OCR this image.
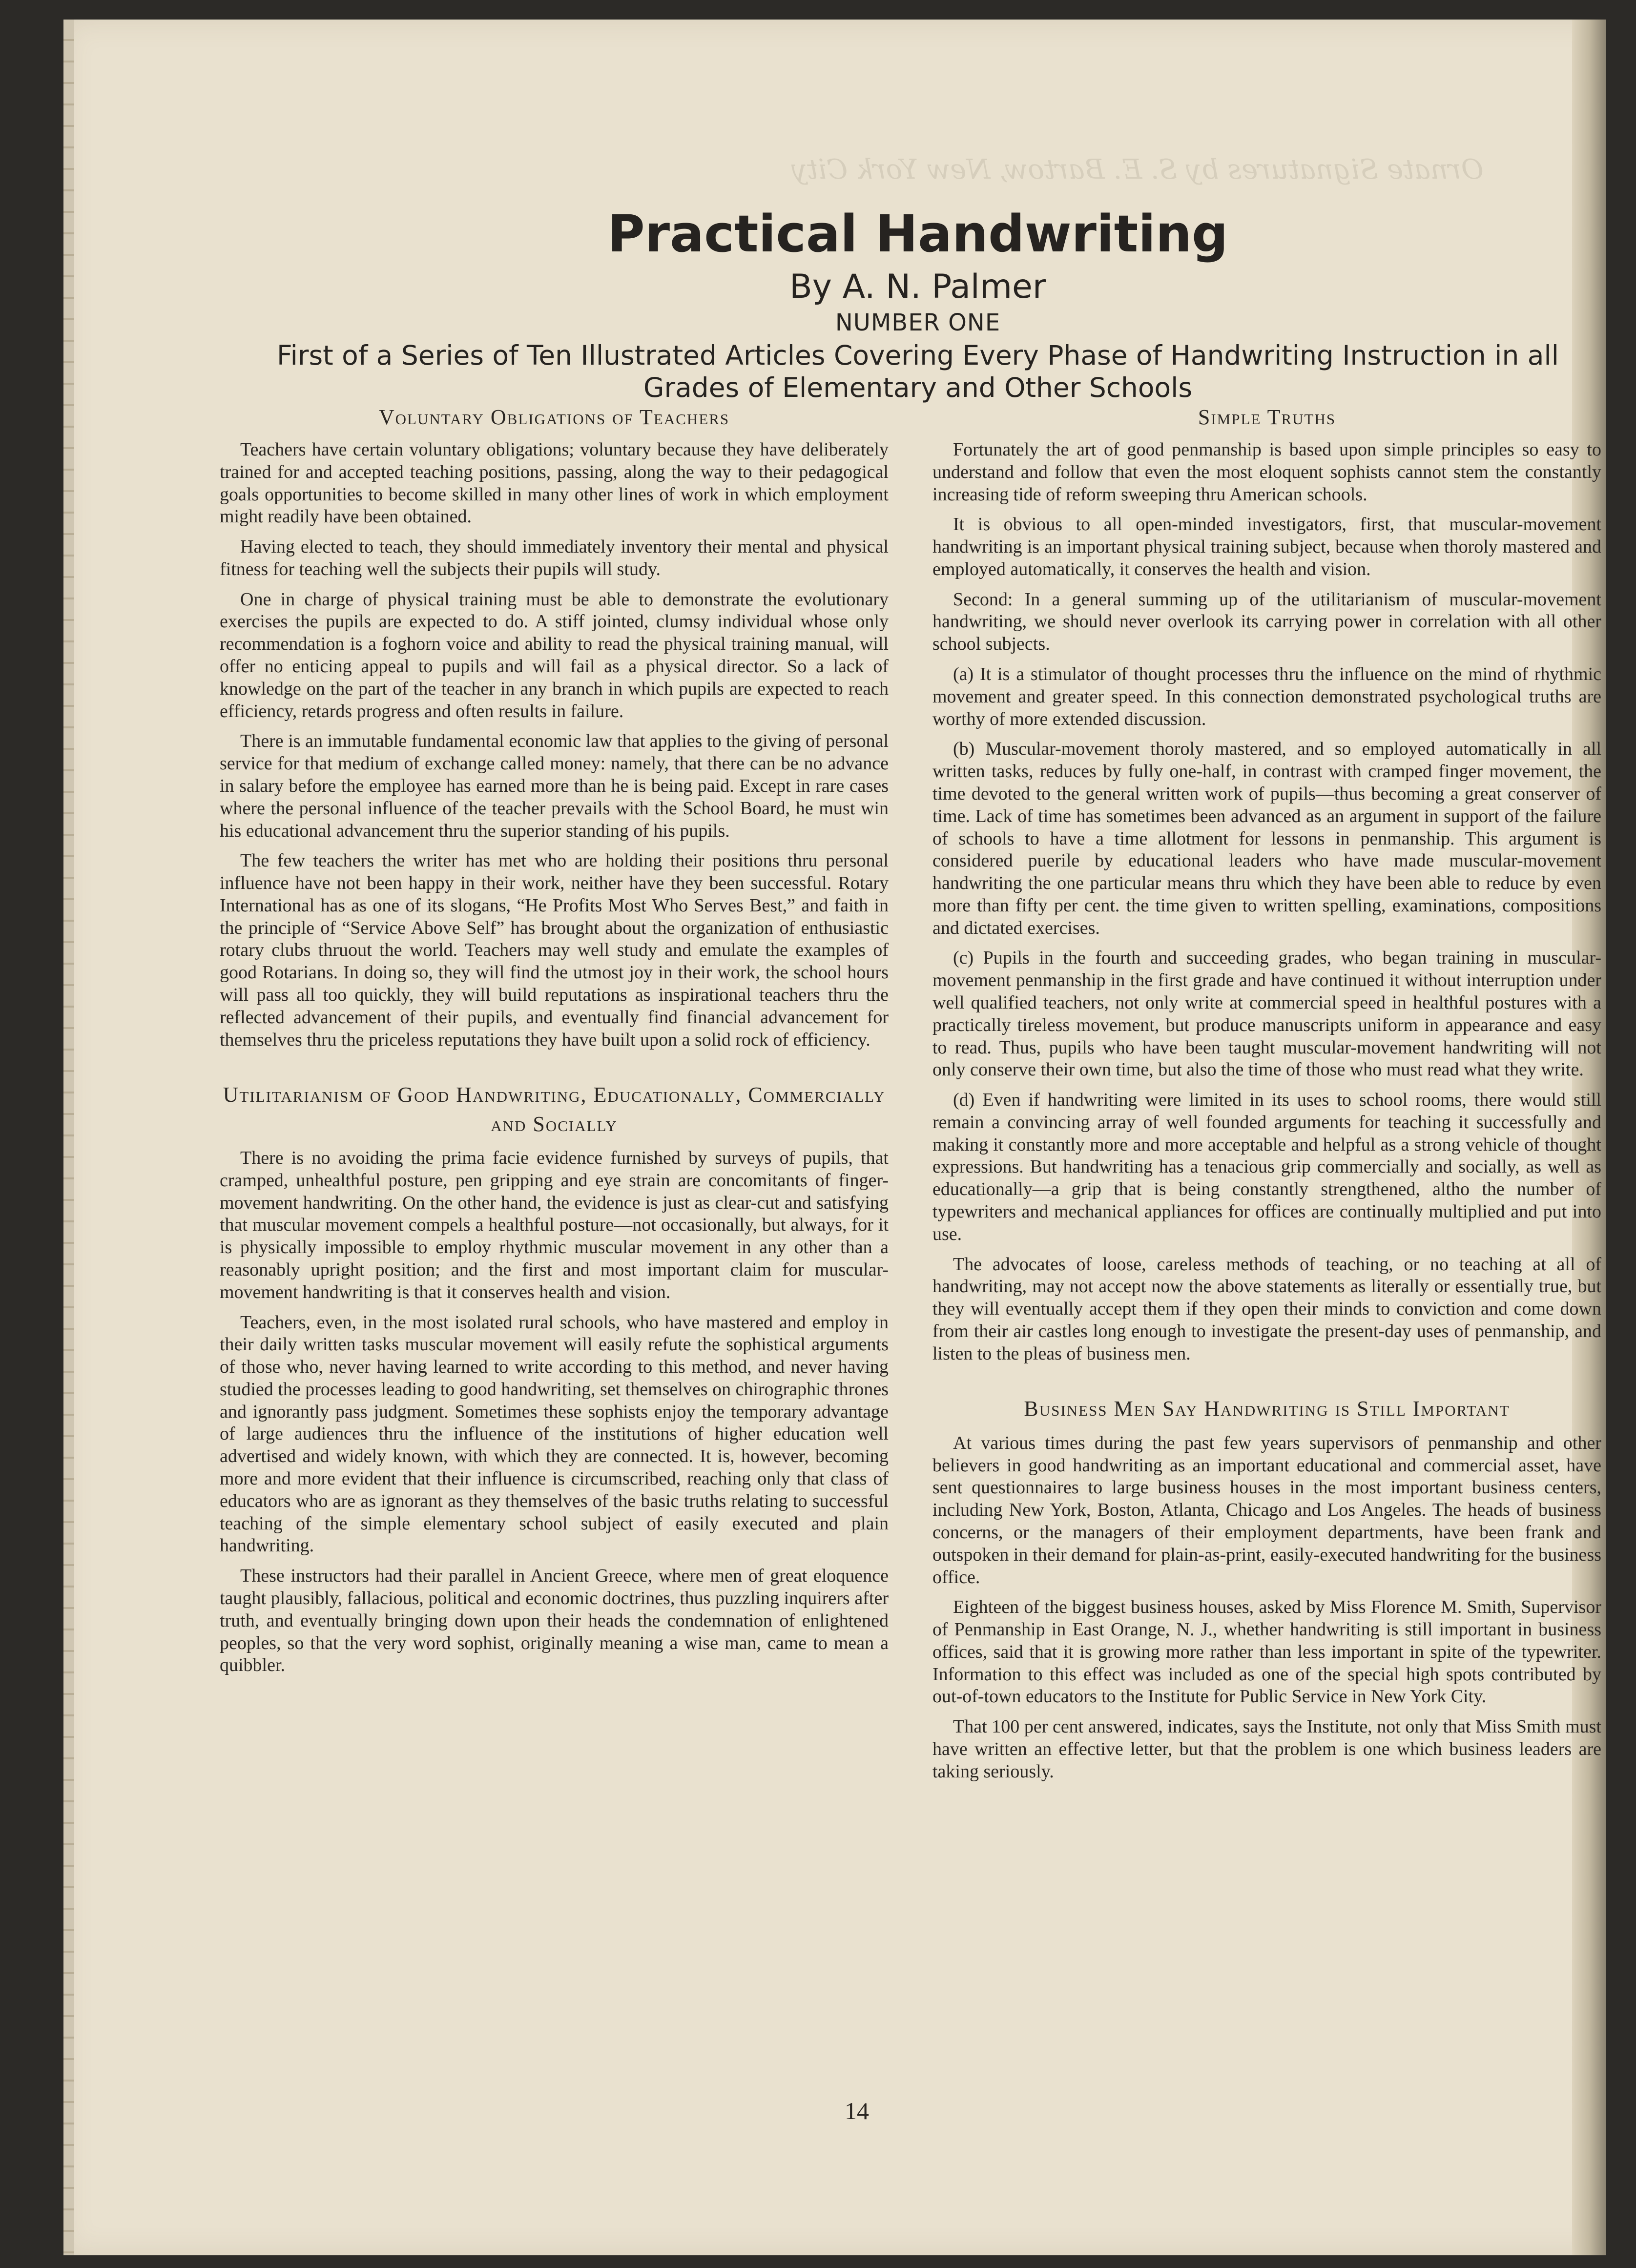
Ornate Signatures by S. E. Bartow, New York City
Practical Handwriting
By A. N. Palmer
NUMBER ONE
First of a Series of Ten Illustrated Articles Covering Every Phase of Handwriting Instruction in all Grades of Elementary and Other Schools
Voluntary Obligations of Teachers

Teachers have certain voluntary obligations; voluntary because they have deliberately trained for and accepted teaching positions, passing, along the way to their pedagogical goals opportunities to become skilled in many other lines of work in which employment might readily have been obtained.

Having elected to teach, they should immediately inventory their mental and physical fitness for teaching well the subjects their pupils will study.

One in charge of physical training must be able to demonstrate the evolutionary exercises the pupils are expected to do. A stiff jointed, clumsy individual whose only recommendation is a foghorn voice and ability to read the physical training manual, will offer no enticing appeal to pupils and will fail as a physical director. So a lack of knowledge on the part of the teacher in any branch in which pupils are expected to reach efficiency, retards progress and often results in failure.

There is an immutable fundamental economic law that applies to the giving of personal service for that medium of exchange called money: namely, that there can be no advance in salary before the employee has earned more than he is being paid. Except in rare cases where the personal influence of the teacher prevails with the School Board, he must win his educational advancement thru the superior standing of his pupils.

The few teachers the writer has met who are holding their positions thru personal influence have not been happy in their work, neither have they been successful. Rotary International has as one of its slogans, “He Profits Most Who Serves Best,” and faith in the principle of “Service Above Self” has brought about the organization of enthusiastic rotary clubs thruout the world. Teachers may well study and emulate the examples of good Rotarians. In doing so, they will find the utmost joy in their work, the school hours will pass all too quickly, they will build reputations as inspirational teachers thru the reflected advancement of their pupils, and eventually find financial advancement for themselves thru the priceless reputations they have built upon a solid rock of efficiency.

Utilitarianism of Good Handwriting, Educationally, Commercially and Socially

There is no avoiding the prima facie evidence furnished by surveys of pupils, that cramped, unhealthful posture, pen gripping and eye strain are concomitants of finger-movement handwriting. On the other hand, the evidence is just as clear-cut and satisfying that muscular movement compels a healthful posture—not occasionally, but always, for it is physically impossible to employ rhythmic muscular movement in any other than a reasonably upright position; and the first and most important claim for muscular-movement handwriting is that it conserves health and vision.

Teachers, even, in the most isolated rural schools, who have mastered and employ in their daily written tasks muscular movement will easily refute the sophistical arguments of those who, never having learned to write according to this method, and never having studied the processes leading to good handwriting, set themselves on chirographic thrones and ignorantly pass judgment. Sometimes these sophists enjoy the temporary advantage of large audiences thru the influence of the institutions of higher education well advertised and widely known, with which they are connected. It is, however, becoming more and more evident that their influence is circumscribed, reaching only that class of educators who are as ignorant as they themselves of the basic truths relating to successful teaching of the simple elementary school subject of easily executed and plain handwriting.

These instructors had their parallel in Ancient Greece, where men of great eloquence taught plausibly, fallacious, political and economic doctrines, thus puzzling inquirers after truth, and eventually bringing down upon their heads the condemnation of enlightened peoples, so that the very word sophist, originally meaning a wise man, came to mean a quibbler.

Simple Truths

Fortunately the art of good penmanship is based upon simple principles so easy to understand and follow that even the most eloquent sophists cannot stem the constantly increasing tide of reform sweeping thru American schools.

It is obvious to all open-minded investigators, first, that muscular-movement handwriting is an important physical training subject, because when thoroly mastered and employed automatically, it conserves the health and vision.

Second: In a general summing up of the utilitarianism of muscular-movement handwriting, we should never overlook its carrying power in correlation with all other school subjects.

(a) It is a stimulator of thought processes thru the influence on the mind of rhythmic movement and greater speed. In this connection demonstrated psychological truths are worthy of more extended discussion.

(b) Muscular-movement thoroly mastered, and so employed automatically in all written tasks, reduces by fully one-half, in contrast with cramped finger movement, the time devoted to the general written work of pupils—thus becoming a great conserver of time. Lack of time has sometimes been advanced as an argument in support of the failure of schools to have a time allotment for lessons in penmanship. This argument is considered puerile by educational leaders who have made muscular-movement handwriting the one particular means thru which they have been able to reduce by even more than fifty per cent. the time given to written spelling, examinations, compositions and dictated exercises.

(c) Pupils in the fourth and succeeding grades, who began training in muscular-movement penmanship in the first grade and have continued it without interruption under well qualified teachers, not only write at commercial speed in healthful postures with a practically tireless movement, but produce manuscripts uniform in appearance and easy to read. Thus, pupils who have been taught muscular-movement handwriting will not only conserve their own time, but also the time of those who must read what they write.

(d) Even if handwriting were limited in its uses to school rooms, there would still remain a convincing array of well founded arguments for teaching it successfully and making it constantly more and more acceptable and helpful as a strong vehicle of thought expressions. But handwriting has a tenacious grip commercially and socially, as well as educationally—a grip that is being constantly strengthened, altho the number of typewriters and mechanical appliances for offices are continually multiplied and put into use.

The advocates of loose, careless methods of teaching, or no teaching at all of handwriting, may not accept now the above statements as literally or essentially true, but they will eventually accept them if they open their minds to conviction and come down from their air castles long enough to investigate the present-day uses of penmanship, and listen to the pleas of business men.

Business Men Say Handwriting is Still Important

At various times during the past few years supervisors of penmanship and other believers in good handwriting as an important educational and commercial asset, have sent questionnaires to large business houses in the most important business centers, including New York, Boston, Atlanta, Chicago and Los Angeles. The heads of business concerns, or the managers of their employment departments, have been frank and outspoken in their demand for plain-as-print, easily-executed handwriting for the business office.

Eighteen of the biggest business houses, asked by Miss Florence M. Smith, Supervisor of Penmanship in East Orange, N. J., whether handwriting is still important in business offices, said that it is growing more rather than less important in spite of the typewriter. Information to this effect was included as one of the special high spots contributed by out-of-town educators to the Institute for Public Service in New York City.

That 100 per cent answered, indicates, says the Institute, not only that Miss Smith must have written an effective letter, but that the problem is one which business leaders are taking seriously.

14
